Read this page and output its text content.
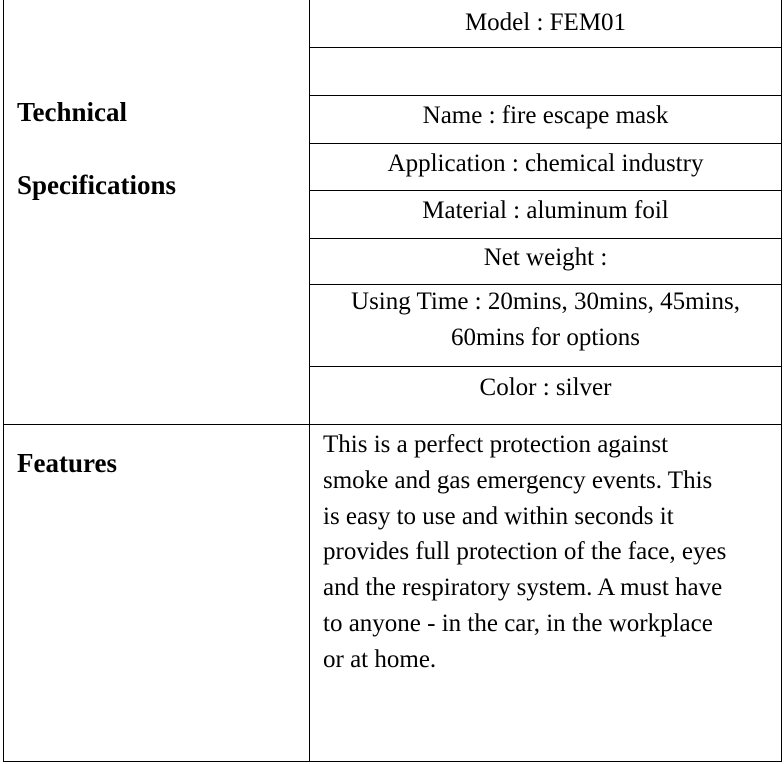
Technical
Specifications
Model : FEM01
Name : fire escape mask
Application : chemical industry
Material : aluminum foil
Net weight :
Using Time : 20mins, 30mins, 45mins,
60mins for options
Color : silver
Features
This is a perfect protection against
smoke and gas emergency events. This
is easy to use and within seconds it
provides full protection of the face, eyes
and the respiratory system. A must have
to anyone - in the car, in the workplace
or at home.
